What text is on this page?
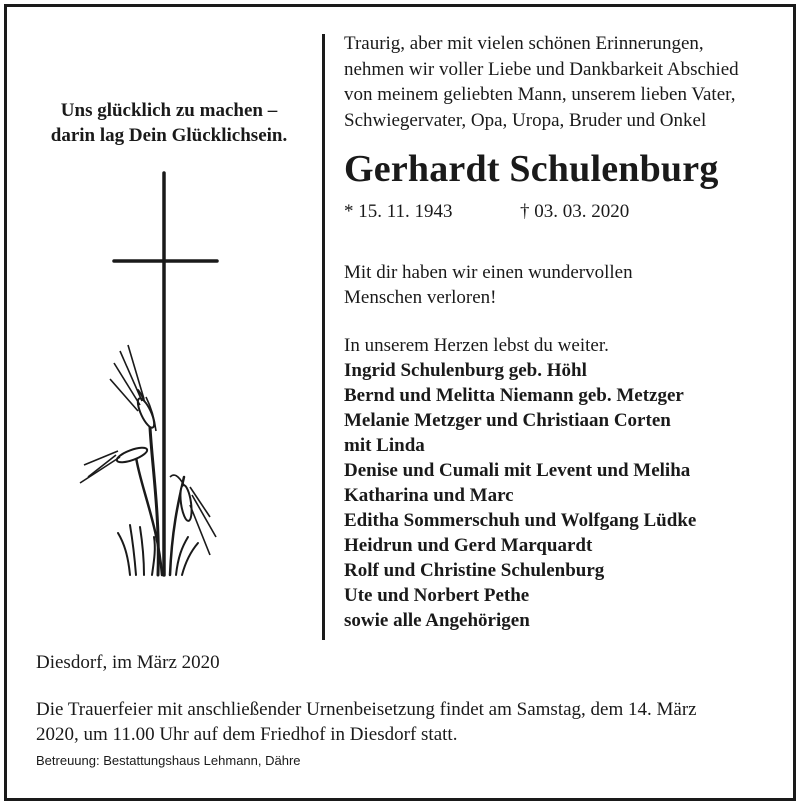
Uns glücklich zu machen –
darin lag Dein Glücklichsein.
Traurig, aber mit vielen schönen Erinnerungen,
nehmen wir voller Liebe und Dankbarkeit Abschied
von meinem geliebten Mann, unserem lieben Vater,
Schwiegervater, Opa, Uropa, Bruder und Onkel
Gerhardt Schulenburg
* 15. 11. 1943	† 03. 03. 2020
Mit dir haben wir einen wundervollen
Menschen verloren!
In unserem Herzen lebst du weiter.
Ingrid Schulenburg geb. Höhl
Bernd und Melitta Niemann geb. Metzger
Melanie Metzger und Christiaan Corten
mit Linda
Denise und Cumali mit Levent und Meliha
Katharina und Marc
Editha Sommerschuh und Wolfgang Lüdke
Heidrun und Gerd Marquardt
Rolf und Christine Schulenburg
Ute und Norbert Pethe
sowie alle Angehörigen
Diesdorf, im März 2020
Die Trauerfeier mit anschließender Urnenbeisetzung findet am Samstag, dem 14. März
2020, um 11.00 Uhr auf dem Friedhof in Diesdorf statt.
Betreuung: Bestattungshaus Lehmann, Dähre
